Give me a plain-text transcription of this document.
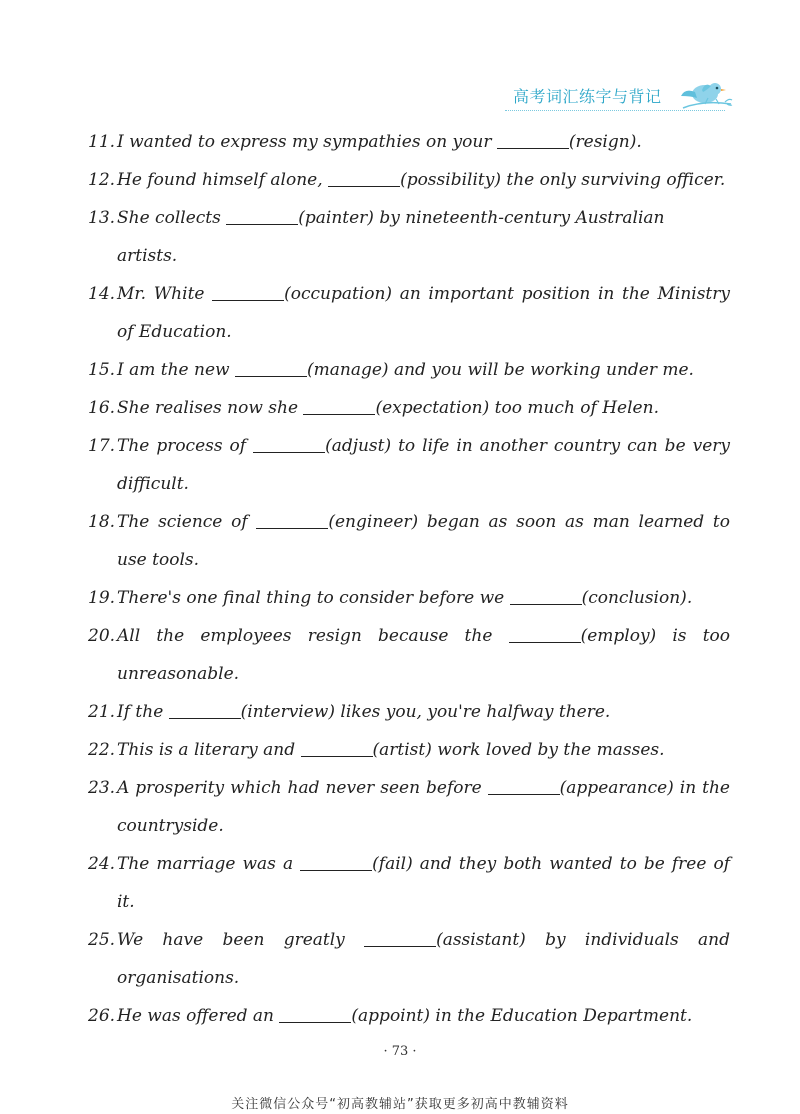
高考词汇练字与背记
11. I wanted to express my sympathies on your	(resign).
12. He found himself alone,	(possibility) the only surviving officer.
13. She collects	(painter) by nineteenth-century Australian artists.
14. Mr. White	(occupation) an important position in the Ministry of Education.
15. I am the new	(manage) and you will be working under me.
16. She realises now she	(expectation) too much of Helen.
17. The process of	(adjust) to life in another country can be very difficult.
18. The science of	(engineer) began as soon as man learned to use tools.
19. There's one final thing to consider before we	(conclusion).
20. All the employees resign because the	(employ) is too unreasonable.
21. If the	(interview) likes you, you're halfway there.
22. This is a literary and	(artist) work loved by the masses.
23. A prosperity which had never seen before	(appearance) in the countryside.
24. The marriage was a	(fail) and they both wanted to be free of it.
25. We have been greatly	(assistant) by individuals and organisations.
26. He was offered an	(appoint) in the Education Department.
· 73 ·
关注微信公众号“初高教辅站”获取更多初高中教辅资料
